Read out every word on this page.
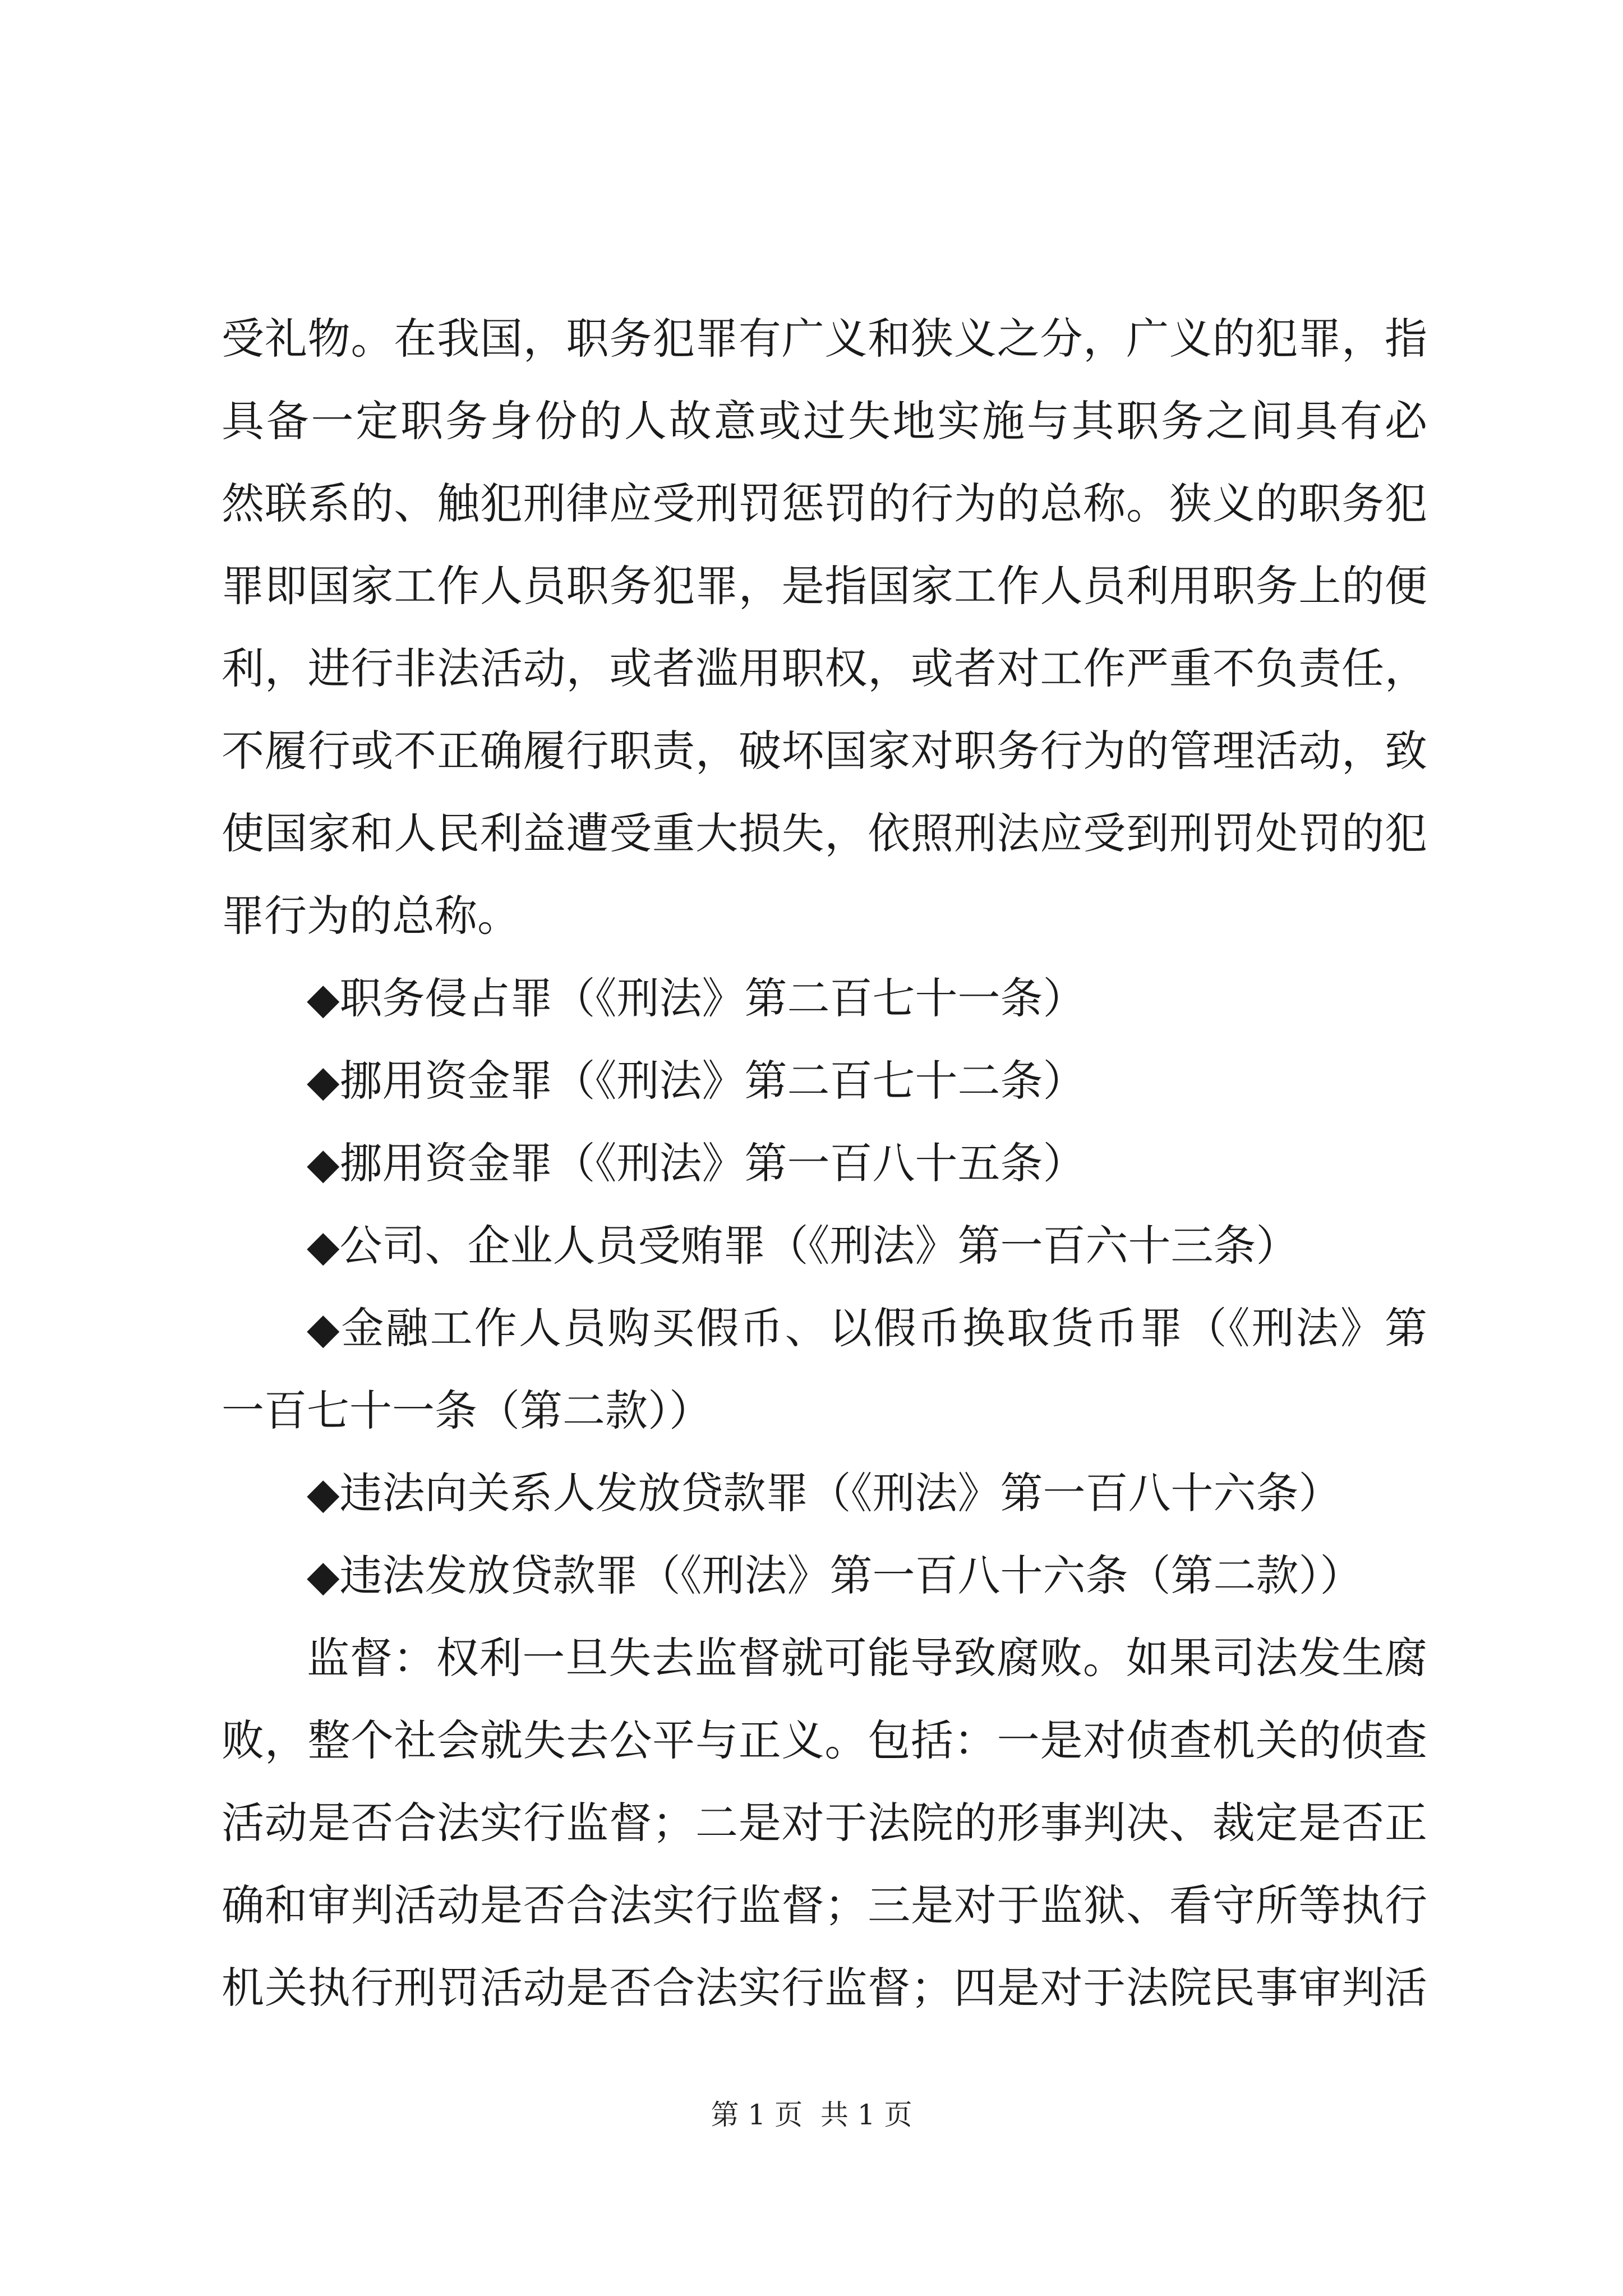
受礼物。在我国，职务犯罪有广义和狭义之分，广义的犯罪，指
具备一定职务身份的人故意或过失地实施与其职务之间具有必
然联系的、触犯刑律应受刑罚惩罚的行为的总称。狭义的职务犯
罪即国家工作人员职务犯罪，是指国家工作人员利用职务上的便
利，进行非法活动，或者滥用职权，或者对工作严重不负责任，
不履行或不正确履行职责，破坏国家对职务行为的管理活动，致
使国家和人民利益遭受重大损失，依照刑法应受到刑罚处罚的犯
罪行为的总称。
◆职务侵占罪（《刑法》第二百七十一条）
◆挪用资金罪（《刑法》第二百七十二条）
◆挪用资金罪（《刑法》第一百八十五条）
◆公司、企业人员受贿罪（《刑法》第一百六十三条）
◆金融工作人员购买假币、以假币换取货币罪（《刑法》第
一百七十一条（第二款））
◆违法向关系人发放贷款罪（《刑法》第一百八十六条）
◆违法发放贷款罪（《刑法》第一百八十六条（第二款））
监督：权利一旦失去监督就可能导致腐败。如果司法发生腐
败，整个社会就失去公平与正义。包括：一是对侦查机关的侦查
活动是否合法实行监督；二是对于法院的形事判决、裁定是否正
确和审判活动是否合法实行监督；三是对于监狱、看守所等执行
机关执行刑罚活动是否合法实行监督；四是对于法院民事审判活
第 1 页  共 1 页
